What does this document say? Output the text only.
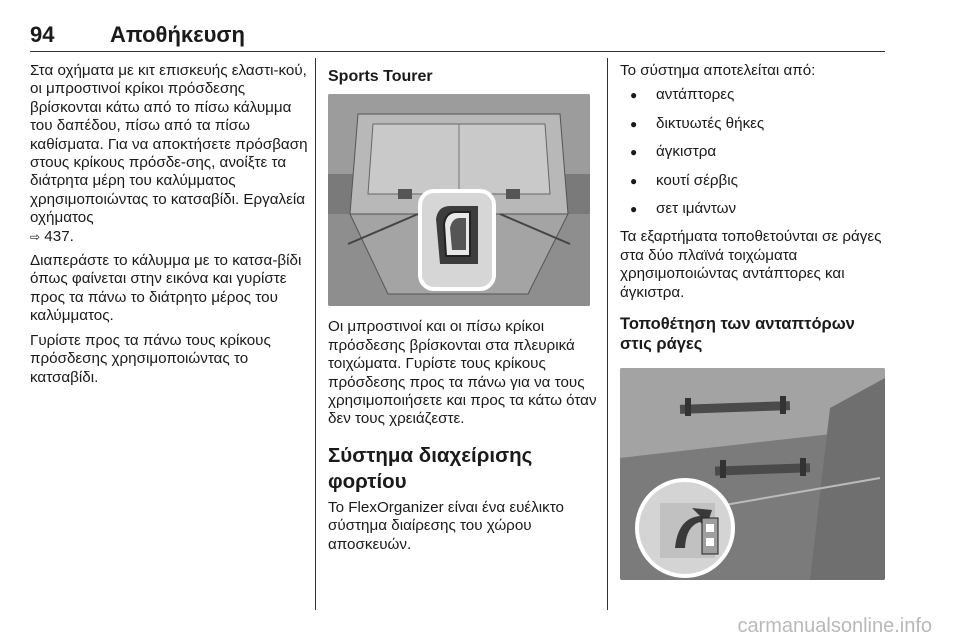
94	Αποθήκευση

Στα οχήματα με κιτ επισκευής ελαστι-κού, οι μπροστινοί κρίκοι πρόσδεσης βρίσκονται κάτω από το πίσω κάλυμμα του δαπέδου, πίσω από τα πίσω καθίσματα. Για να αποκτήσετε πρόσβαση στους κρίκους πρόσδε-σης, ανοίξτε τα διάτρητα μέρη του καλύμματος χρησιμοποιώντας το κατσαβίδι. Εργαλεία οχήματος
⇨ 437.

Διαπεράστε το κάλυμμα με το κατσα-βίδι όπως φαίνεται στην εικόνα και γυρίστε προς τα πάνω το διάτρητο μέρος του καλύμματος.

Γυρίστε προς τα πάνω τους κρίκους πρόσδεσης χρησιμοποιώντας το κατσαβίδι.

Sports Tourer

Οι μπροστινοί και οι πίσω κρίκοι πρόσδεσης βρίσκονται στα πλευρικά τοιχώματα. Γυρίστε τους κρίκους πρόσδεσης προς τα πάνω για να τους χρησιμοποιήσετε και προς τα κάτω όταν δεν τους χρειάζεστε.

Σύστημα διαχείρισης φορτίου

Το FlexOrganizer είναι ένα ευέλικτο σύστημα διαίρεσης του χώρου αποσκευών.

Το σύστημα αποτελείται από:

● αντάπτορες
● δικτυωτές θήκες
● άγκιστρα
● κουτί σέρβις
● σετ ιμάντων

Τα εξαρτήματα τοποθετούνται σε ράγες στα δύο πλαϊνά τοιχώματα χρησιμοποιώντας αντάπτορες και άγκιστρα.

Τοποθέτηση των ανταπτόρων στις ράγες
carmanualsonline.info
